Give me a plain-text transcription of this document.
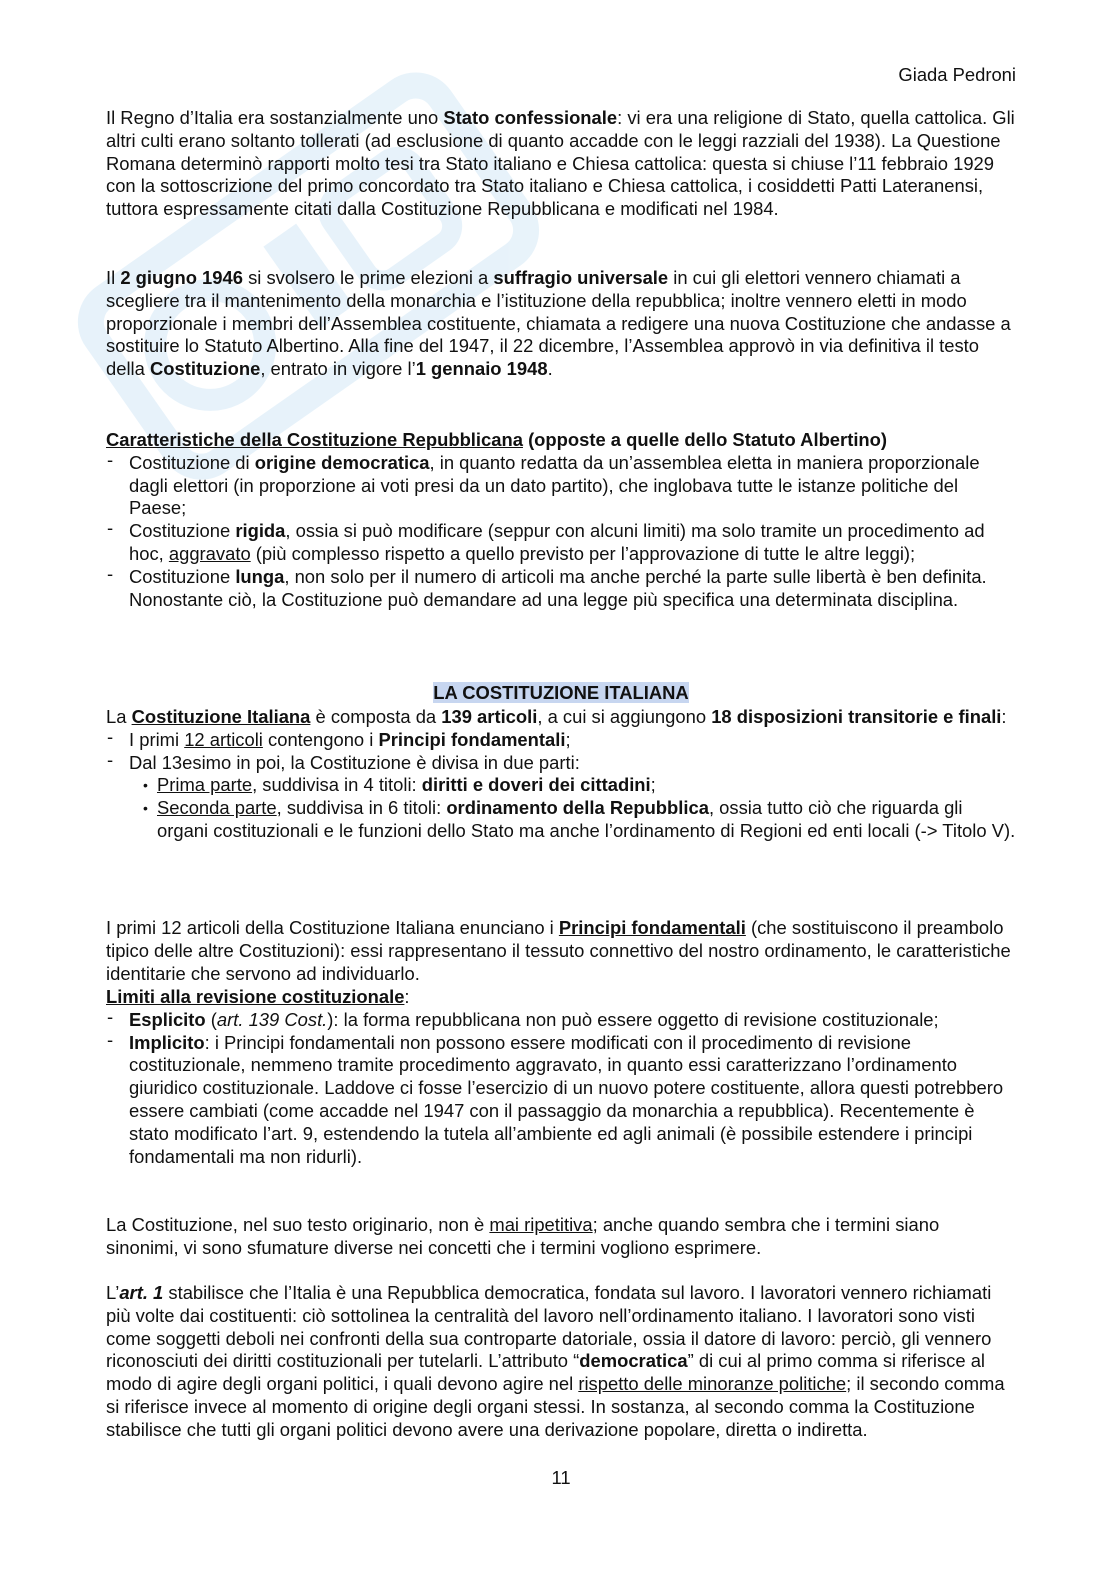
Giada Pedroni

Il Regno d’Italia era sostanzialmente uno Stato confessionale: vi era una religione di Stato, quella cattolica. Gli altri culti erano soltanto tollerati (ad esclusione di quanto accadde con le leggi razziali del 1938). La Questione Romana determinò rapporti molto tesi tra Stato italiano e Chiesa cattolica: questa si chiuse l’11 febbraio 1929 con la sottoscrizione del primo concordato tra Stato italiano e Chiesa cattolica, i cosiddetti Patti Lateranensi, tuttora espressamente citati dalla Costituzione Repubblicana e modificati nel 1984.

Il 2 giugno 1946 si svolsero le prime elezioni a suffragio universale in cui gli elettori vennero chiamati a scegliere tra il mantenimento della monarchia e l’istituzione della repubblica; inoltre vennero eletti in modo proporzionale i membri dell’Assemblea costituente, chiamata a redigere una nuova Costituzione che andasse a sostituire lo Statuto Albertino. Alla fine del 1947, il 22 dicembre, l’Assemblea approvò in via definitiva il testo della Costituzione, entrato in vigore l’1 gennaio 1948.

Caratteristiche della Costituzione Repubblicana (opposte a quelle dello Statuto Albertino)

- Costituzione di origine democratica, in quanto redatta da un’assemblea eletta in maniera proporzionale dagli elettori (in proporzione ai voti presi da un dato partito), che inglobava tutte le istanze politiche del Paese;
- Costituzione rigida, ossia si può modificare (seppur con alcuni limiti) ma solo tramite un procedimento ad hoc, aggravato (più complesso rispetto a quello previsto per l’approvazione di tutte le altre leggi);
- Costituzione lunga, non solo per il numero di articoli ma anche perché la parte sulle libertà è ben definita. Nonostante ciò, la Costituzione può demandare ad una legge più specifica una determinata disciplina.
LA COSTITUZIONE ITALIANA

La Costituzione Italiana è composta da 139 articoli, a cui si aggiungono 18 disposizioni transitorie e finali:

- I primi 12 articoli contengono i Principi fondamentali;
- Dal 13esimo in poi, la Costituzione è divisa in due parti:
• Prima parte, suddivisa in 4 titoli: diritti e doveri dei cittadini;
• Seconda parte, suddivisa in 6 titoli: ordinamento della Repubblica, ossia tutto ciò che riguarda gli organi costituzionali e le funzioni dello Stato ma anche l’ordinamento di Regioni ed enti locali (-> Titolo V).

I primi 12 articoli della Costituzione Italiana enunciano i Principi fondamentali (che sostituiscono il preambolo tipico delle altre Costituzioni): essi rappresentano il tessuto connettivo del nostro ordinamento, le caratteristiche identitarie che servono ad individuarlo.

Limiti alla revisione costituzionale:

- Esplicito (art. 139 Cost.): la forma repubblicana non può essere oggetto di revisione costituzionale;
- Implicito: i Principi fondamentali non possono essere modificati con il procedimento di revisione costituzionale, nemmeno tramite procedimento aggravato, in quanto essi caratterizzano l’ordinamento giuridico costituzionale. Laddove ci fosse l’esercizio di un nuovo potere costituente, allora questi potrebbero essere cambiati (come accadde nel 1947 con il passaggio da monarchia a repubblica). Recentemente è stato modificato l’art. 9, estendendo la tutela all’ambiente ed agli animali (è possibile estendere i principi fondamentali ma non ridurli).

La Costituzione, nel suo testo originario, non è mai ripetitiva; anche quando sembra che i termini siano sinonimi, vi sono sfumature diverse nei concetti che i termini vogliono esprimere.

L’art. 1 stabilisce che l’Italia è una Repubblica democratica, fondata sul lavoro. I lavoratori vennero richiamati più volte dai costituenti: ciò sottolinea la centralità del lavoro nell’ordinamento italiano. I lavoratori sono visti come soggetti deboli nei confronti della sua controparte datoriale, ossia il datore di lavoro: perciò, gli vennero riconosciuti dei diritti costituzionali per tutelarli. L’attributo “democratica” di cui al primo comma si riferisce al modo di agire degli organi politici, i quali devono agire nel rispetto delle minoranze politiche; il secondo comma si riferisce invece al momento di origine degli organi stessi. In sostanza, al secondo comma la Costituzione stabilisce che tutti gli organi politici devono avere una derivazione popolare, diretta o indiretta.

11
